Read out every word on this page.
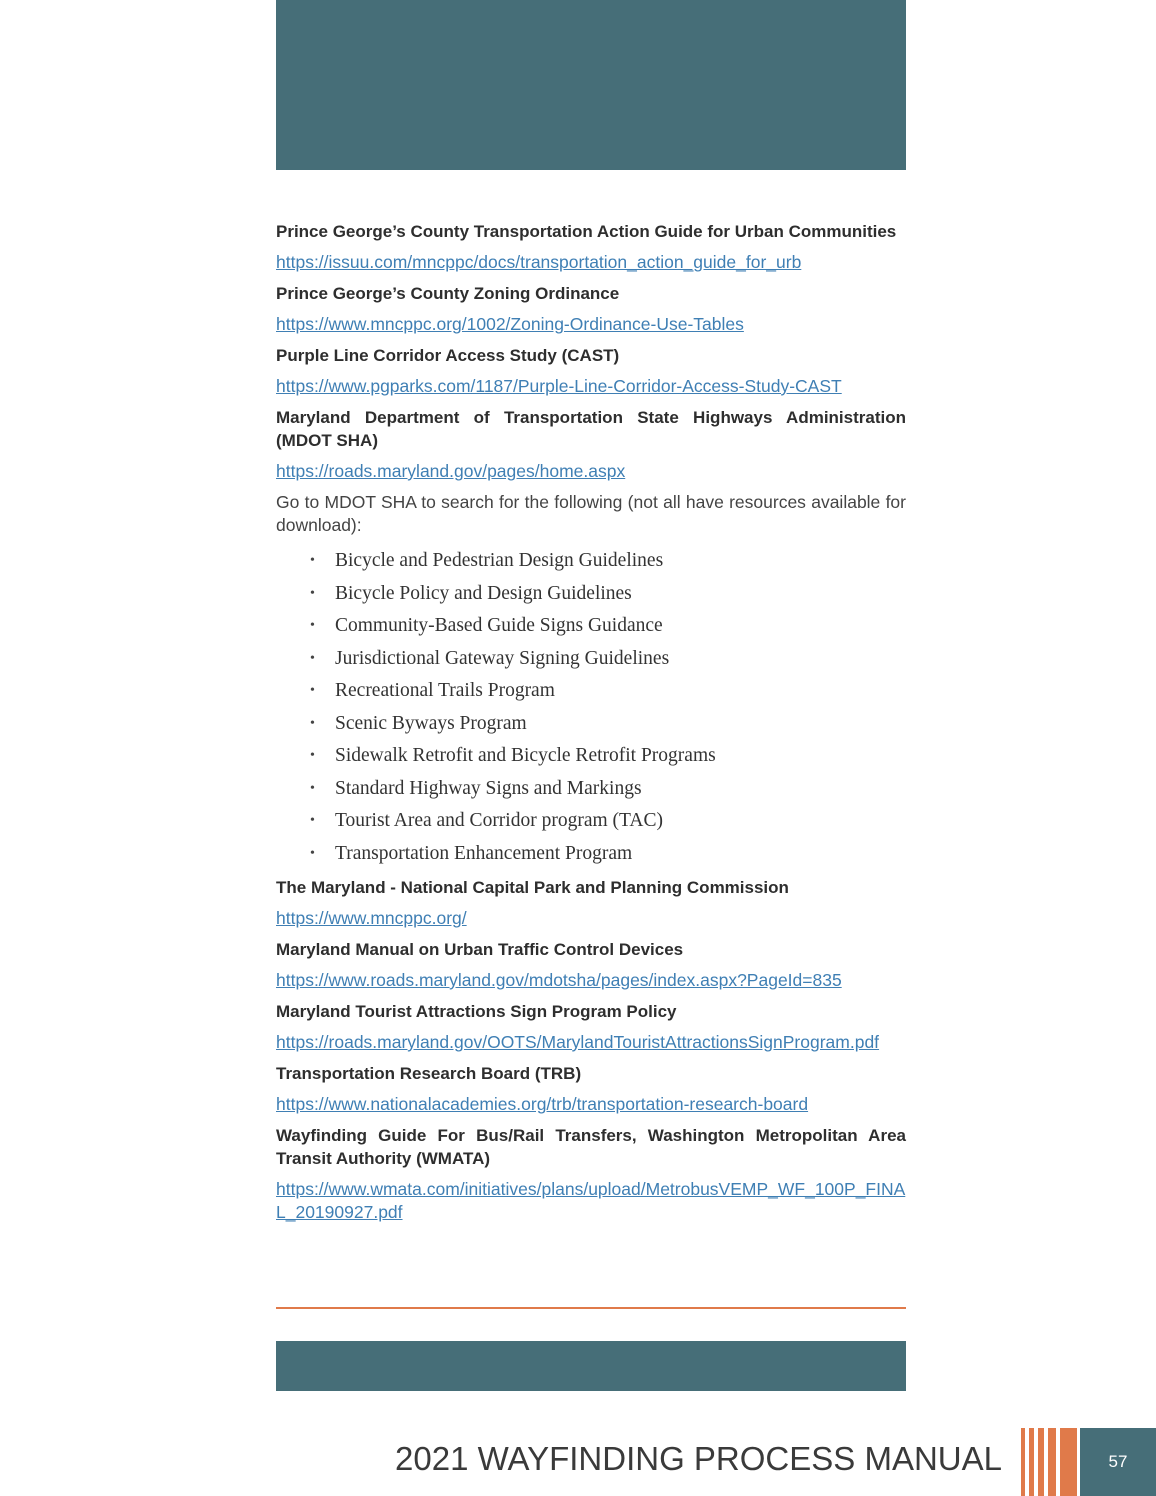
Prince George’s County Transportation Action Guide for Urban Communities

https://issuu.com/mncppc/docs/transportation_action_guide_for_urb

Prince George’s County Zoning Ordinance

https://www.mncppc.org/1002/Zoning-Ordinance-Use-Tables

Purple Line Corridor Access Study (CAST)

https://www.pgparks.com/1187/Purple-Line-Corridor-Access-Study-CAST

Maryland Department of Transportation State Highways Administration (MDOT SHA)

https://roads.maryland.gov/pages/home.aspx

Go to MDOT SHA to search for the following (not all have resources available for download):

• Bicycle and Pedestrian Design Guidelines
• Bicycle Policy and Design Guidelines
• Community-Based Guide Signs Guidance
• Jurisdictional Gateway Signing Guidelines
• Recreational Trails Program
• Scenic Byways Program
• Sidewalk Retrofit and Bicycle Retrofit Programs
• Standard Highway Signs and Markings
• Tourist Area and Corridor program (TAC)
• Transportation Enhancement Program

The Maryland - National Capital Park and Planning Commission

https://www.mncppc.org/

Maryland Manual on Urban Traffic Control Devices

https://www.roads.maryland.gov/mdotsha/pages/index.aspx?PageId=835

Maryland Tourist Attractions Sign Program Policy

https://roads.maryland.gov/OOTS/MarylandTouristAttractionsSignProgram.pdf

Transportation Research Board (TRB)

https://www.nationalacademies.org/trb/transportation-research-board

Wayfinding Guide For Bus/Rail Transfers, Washington Metropolitan Area Transit Authority (WMATA)

https://www.wmata.com/initiatives/plans/upload/MetrobusVEMP_WF_100P_FINAL_20190927.pdf
2021 WAYFINDING PROCESS MANUAL	57
